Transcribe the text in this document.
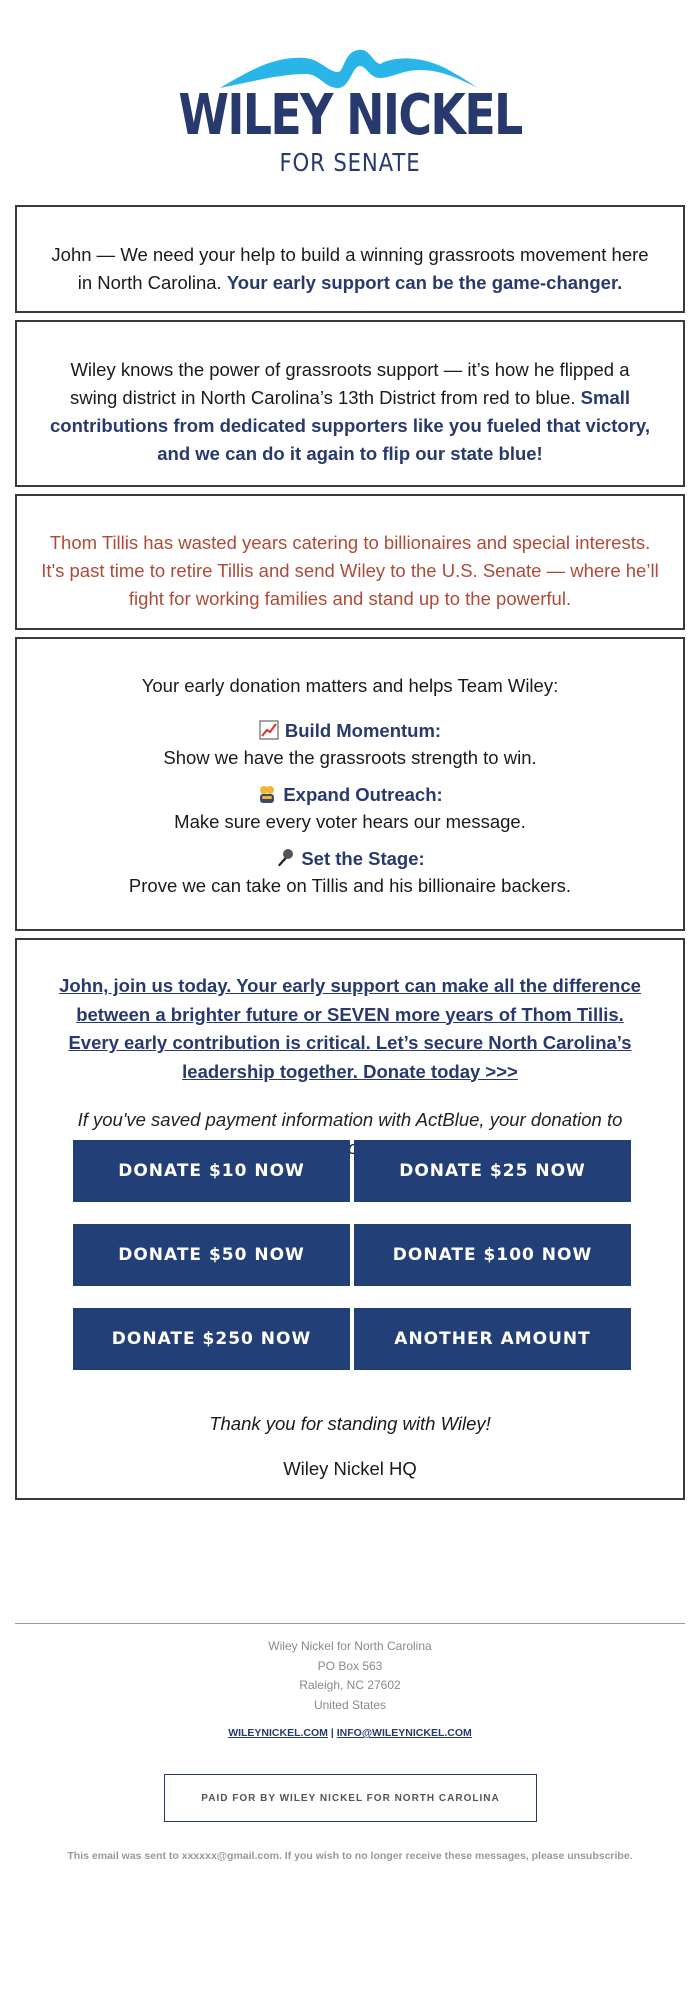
WILEY NICKEL
FOR SENATE

John — We need your help to build a winning grassroots movement here in North Carolina. Your early support can be the game-changer.

Wiley knows the power of grassroots support — it’s how he flipped a swing district in North Carolina’s 13th District from red to blue. Small contributions from dedicated supporters like you fueled that victory, and we can do it again to flip our state blue!

Thom Tillis has wasted years catering to billionaires and special interests. It's past time to retire Tillis and send Wiley to the U.S. Senate — where he’ll fight for working families and stand up to the powerful.

Your early donation matters and helps Team Wiley:

Build Momentum:
Show we have the grassroots strength to win.
Expand Outreach:
Make sure every voter hears our message.
Set the Stage:
Prove we can take on Tillis and his billionaire backers.
John, join us today. Your early support can make all the difference between a brighter future or SEVEN more years of Thom Tillis. Every early contribution is critical. Let’s secure North Carolina’s leadership together. Donate today >>>

If you've saved payment information with ActBlue, your donation to

DONATE $10 NOW	DONATE $25 NOW
DONATE $50 NOW	DONATE $100 NOW
DONATE $250 NOW	ANOTHER AMOUNT

Thank you for standing with Wiley!

Wiley Nickel HQ

Wiley Nickel for North Carolina
PO Box 563
Raleigh, NC 27602
United States
WILEYNICKEL.COM | INFO@WILEYNICKEL.COM
PAID FOR BY WILEY NICKEL FOR NORTH CAROLINA
This email was sent to xxxxxx@gmail.com. If you wish to no longer receive these messages, please unsubscribe.
